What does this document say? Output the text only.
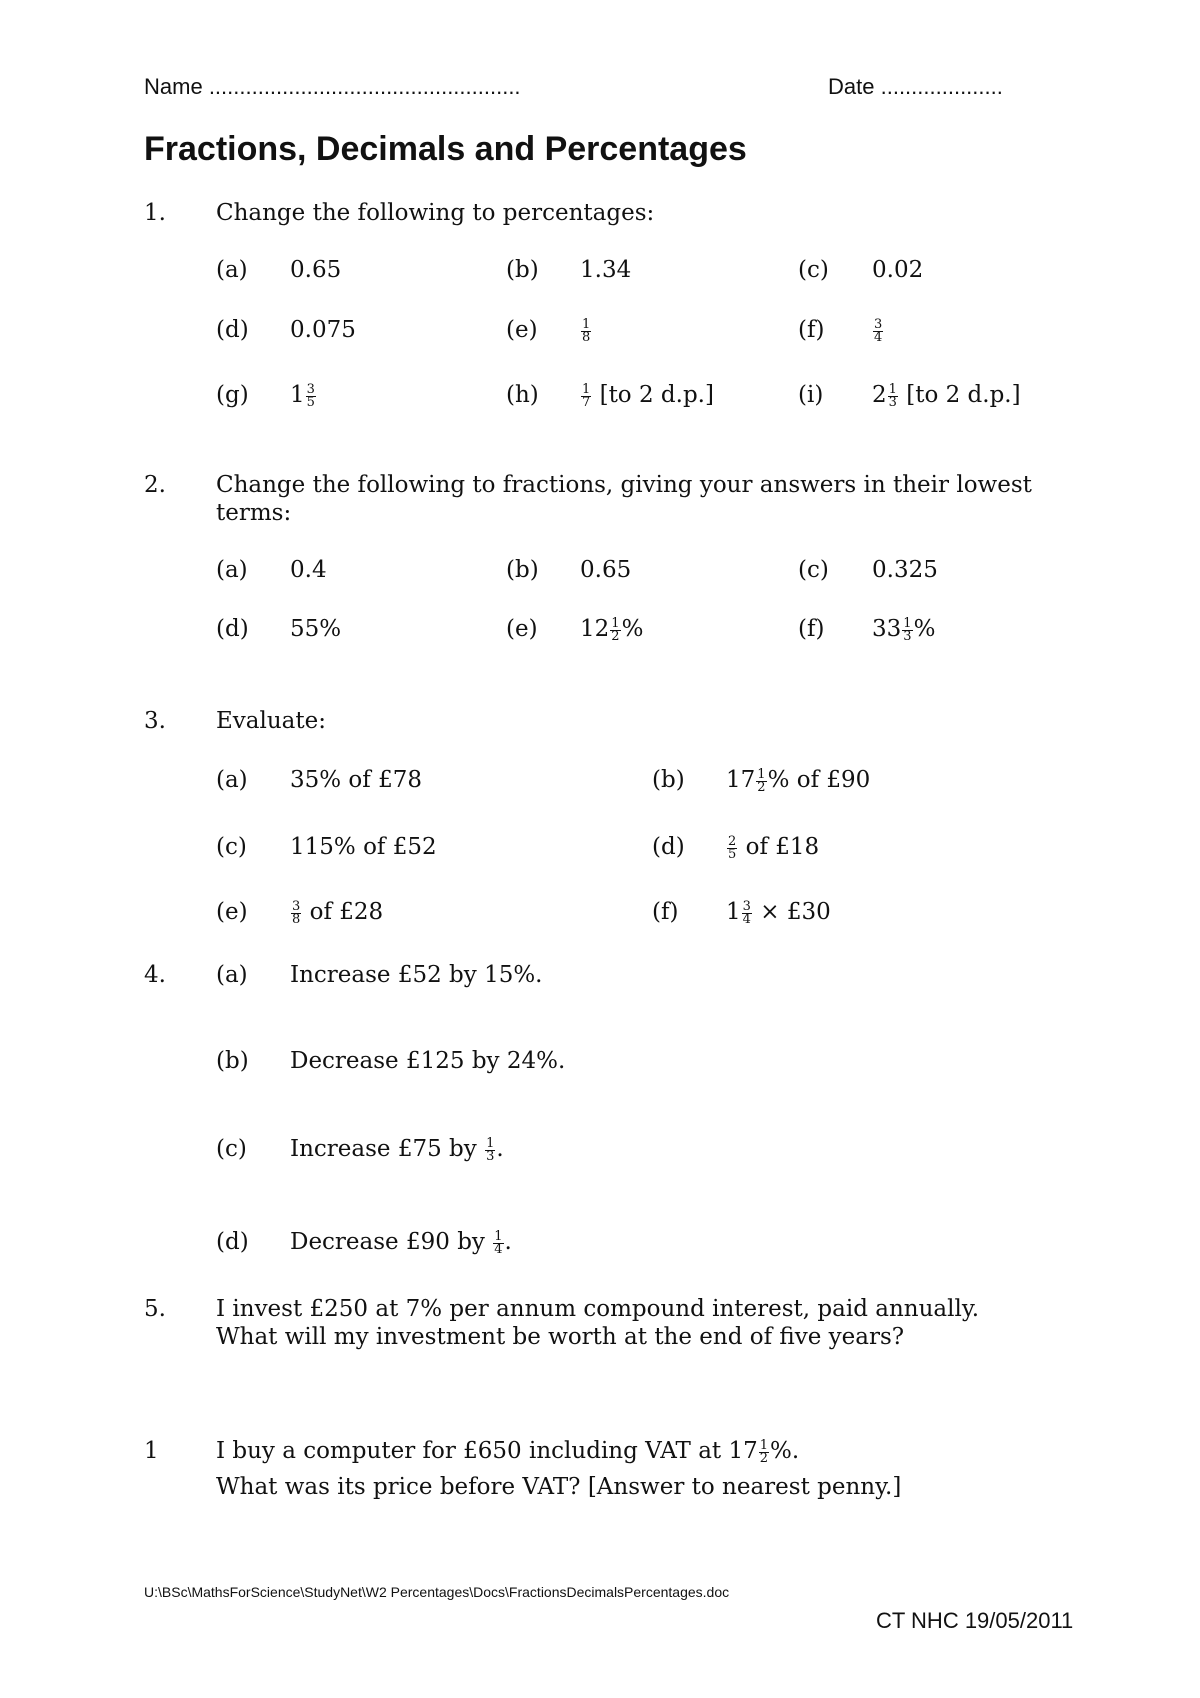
Name ...................................................	Date ....................
Fractions, Decimals and Percentages
1. Change the following to percentages:
(a) 0.65	(b) 1.34	(c) 0.02
(d) 0.075	(e)	$\frac{1}{8}$	(f)	$\frac{3}{4}$
(g) $1 \frac{3}{5}$	(h)	$\frac{1}{7} [to$ 2 d.p.]	(i) $2 \frac{1}{3} [to$ 2 d.p.]
2. Change the following to fractions, giving your answers in their lowest
terms:
(a) 0.4	(b) 0.65	(c) 0.325
(d) 55%	(e) $12 \frac{1}{2}$ %	(f) $33 \frac{1}{3}$ %
3. Evaluate:
(a) 35% of £78	(b) $17 \frac{1}{2}$ % of £90
(c) 115% of £52	(d)	$\frac{2}{5}$ of £18
(e)	$\frac{3}{8}$ of £28	(f) $1 \frac{3}{4}$ × £30
4. (a) Increase £52 by 15%.
(b) Decrease £125 by 24%.
(c) Increase £75 by $\frac{1}{3}$ .
(d) Decrease £90 by $\frac{1}{4}$ .
5. I invest £250 at 7% per annum compound interest, paid annually.
What will my investment be worth at the end of five years?
1 I buy a computer for £650 including VAT at $17 \frac{1}{2}$ %.
What was its price before VAT? [Answer to nearest penny.]
U:\BSc\MathsForScience\StudyNet\W2 Percentages\Docs\FractionsDecimalsPercentages.doc
CT NHC 19/05/2011
